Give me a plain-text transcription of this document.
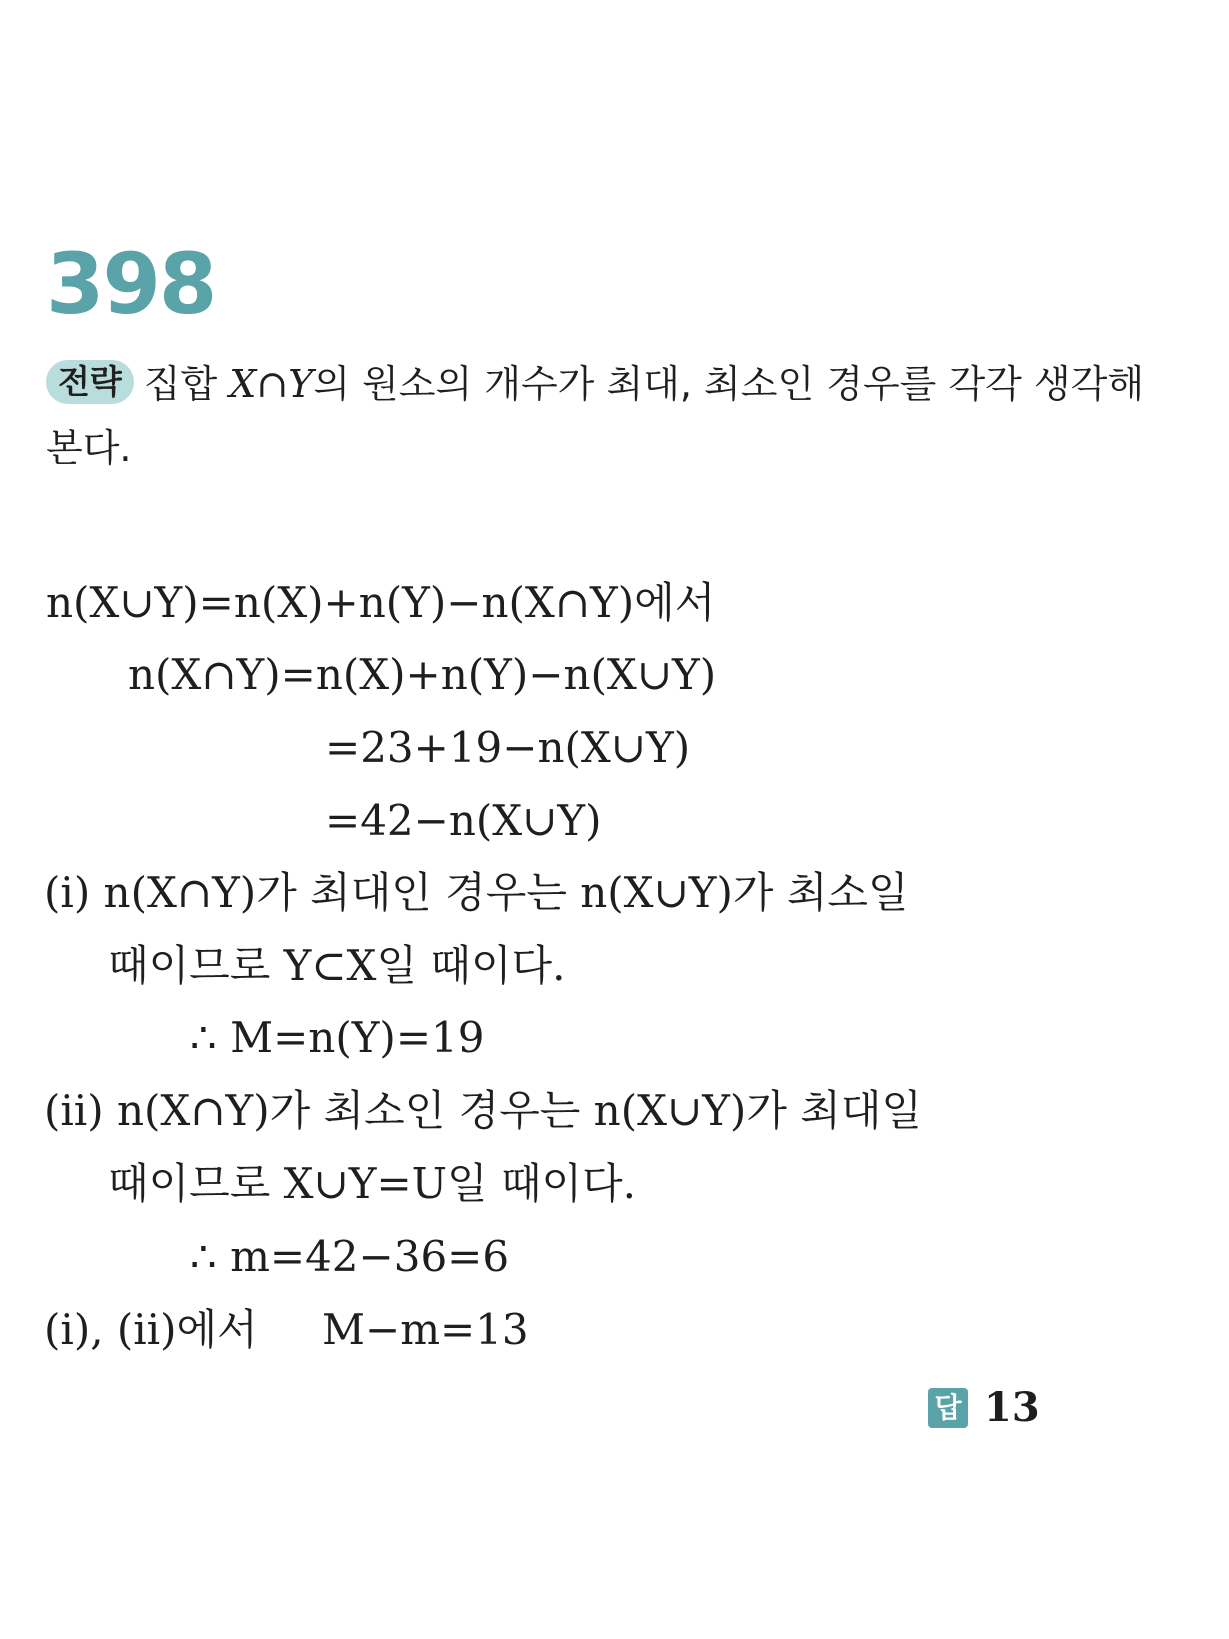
398
전략 집합 X∩Y의 원소의 개수가 최대, 최소인 경우를 각각 생각해 본다.
n(X∪Y)=n(X)+n(Y)−n(X∩Y)에서
n(X∩Y)=n(X)+n(Y)−n(X∪Y)
=23+19−n(X∪Y)
=42−n(X∪Y)
(ⅰ) n(X∩Y)가 최대인 경우는 n(X∪Y)가 최소일
때이므로 Y⊂X일 때이다.
∴ M=n(Y)=19
(ⅱ) n(X∩Y)가 최소인 경우는 n(X∪Y)가 최대일
때이므로 X∪Y=U일 때이다.
∴ m=42−36=6
(ⅰ), (ⅱ)에서 M−m=13
답 13
